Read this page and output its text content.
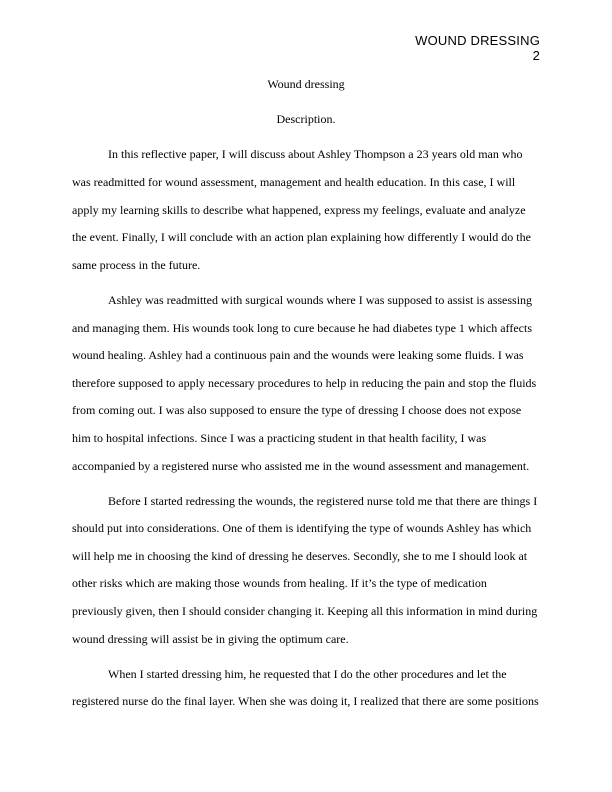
WOUND DRESSING
2
Wound dressing
Description.

In this reflective paper, I will discuss about Ashley Thompson a 23 years old man who
was readmitted for wound assessment, management and health education. In this case, I will
apply my learning skills to describe what happened, express my feelings, evaluate and analyze
the event. Finally, I will conclude with an action plan explaining how differently I would do the
same process in the future.

Ashley was readmitted with surgical wounds where I was supposed to assist is assessing
and managing them. His wounds took long to cure because he had diabetes type 1 which affects
wound healing. Ashley had a continuous pain and the wounds were leaking some fluids. I was
therefore supposed to apply necessary procedures to help in reducing the pain and stop the fluids
from coming out. I was also supposed to ensure the type of dressing I choose does not expose
him to hospital infections. Since I was a practicing student in that health facility, I was
accompanied by a registered nurse who assisted me in the wound assessment and management.

Before I started redressing the wounds, the registered nurse told me that there are things I
should put into considerations. One of them is identifying the type of wounds Ashley has which
will help me in choosing the kind of dressing he deserves. Secondly, she to me I should look at
other risks which are making those wounds from healing. If it’s the type of medication
previously given, then I should consider changing it. Keeping all this information in mind during
wound dressing will assist be in giving the optimum care.

When I started dressing him, he requested that I do the other procedures and let the
registered nurse do the final layer. When she was doing it, I realized that there are some positions
